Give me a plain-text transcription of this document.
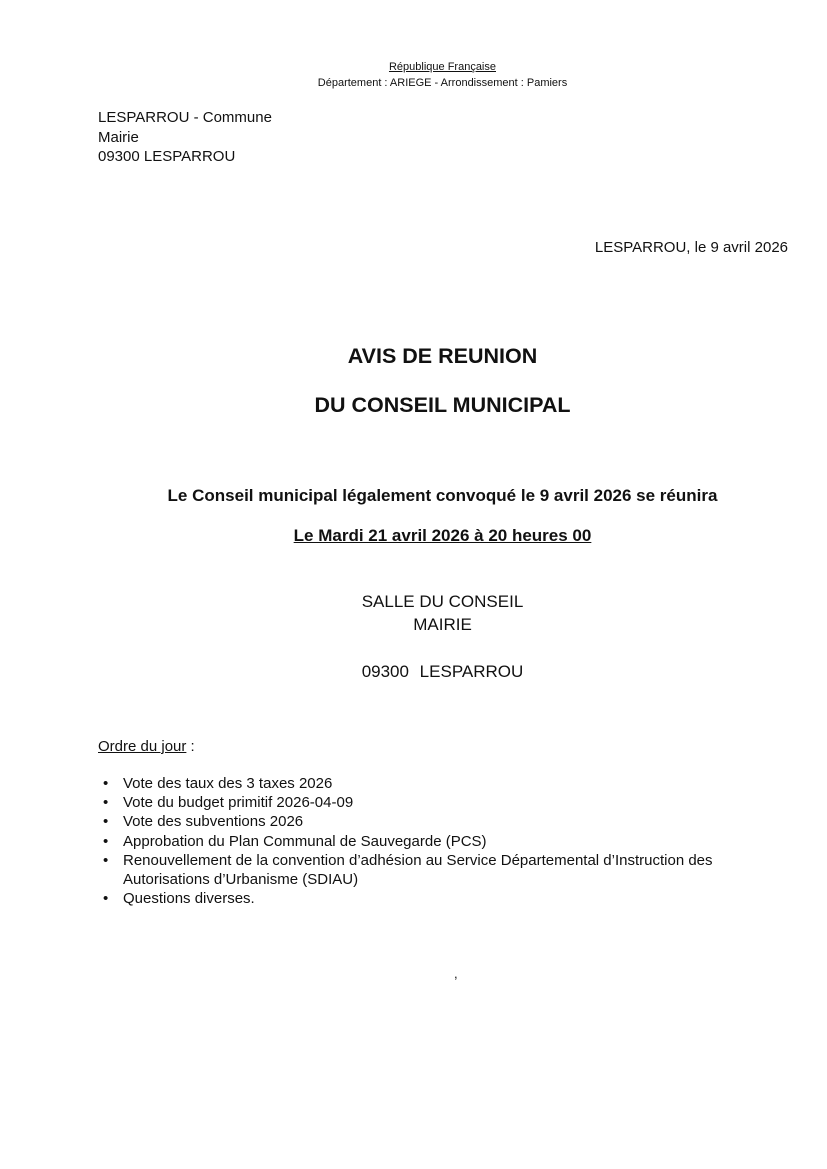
République Française
Département : ARIEGE - Arrondissement : Pamiers
LESPARROU - Commune
Mairie
09300 LESPARROU
LESPARROU, le 9 avril 2026
AVIS DE REUNION
DU CONSEIL MUNICIPAL
Le Conseil municipal légalement convoqué le 9 avril 2026 se réunira
Le Mardi 21 avril 2026 à 20 heures 00
SALLE DU CONSEIL
MAIRIE
09300 LESPARROU
Ordre du jour :
• Vote des taux des 3 taxes 2026
• Vote du budget primitif 2026-04-09
• Vote des subventions 2026
• Approbation du Plan Communal de Sauvegarde (PCS)
• Renouvellement de la convention d’adhésion au Service Départemental d’Instruction des Autorisations d’Urbanisme (SDIAU)
• Questions diverses.
,
